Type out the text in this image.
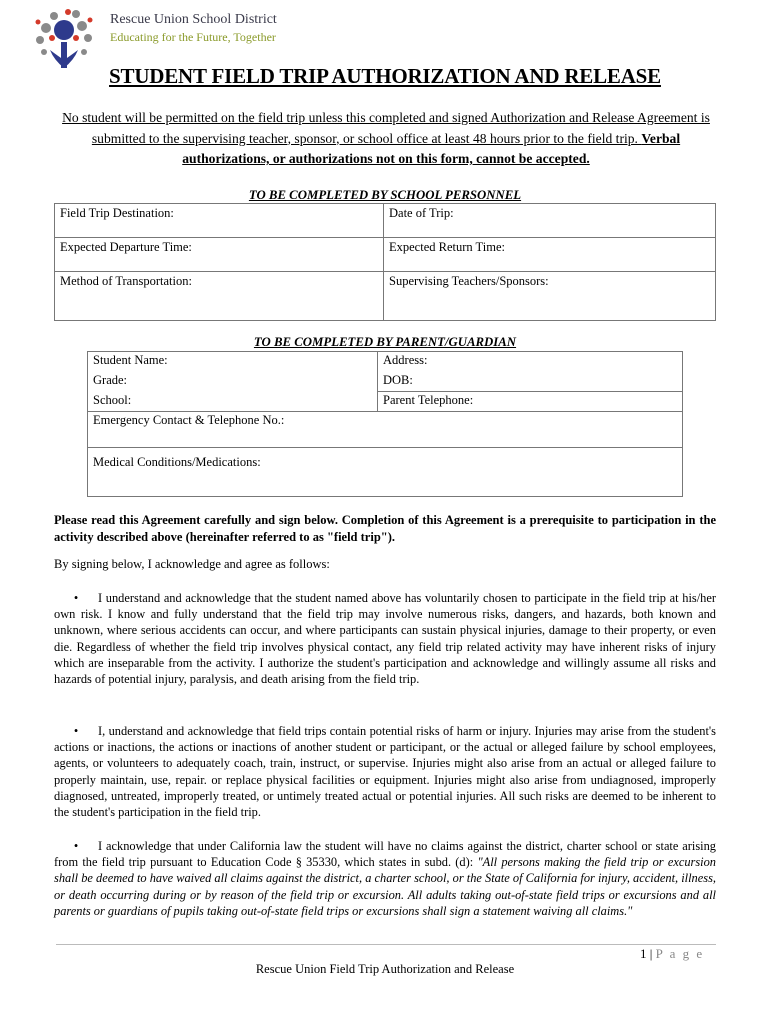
Rescue Union School District
Educating for the Future, Together
STUDENT FIELD TRIP AUTHORIZATION AND RELEASE
No student will be permitted on the field trip unless this completed and signed Authorization and Release Agreement is submitted to the supervising teacher, sponsor, or school office at least 48 hours prior to the field trip. Verbal authorizations, or authorizations not on this form, cannot be accepted.
TO BE COMPLETED BY SCHOOL PERSONNEL
Field Trip Destination:	Date of Trip:
Expected Departure Time:	Expected Return Time:
Method of Transportation:	Supervising Teachers/Sponsors:
TO BE COMPLETED BY PARENT/GUARDIAN
Student Name:	Address:
Grade:	DOB:
School:	Parent Telephone:
Emergency Contact & Telephone No.:	
Medical Conditions/Medications:	
Please read this Agreement carefully and sign below. Completion of this Agreement is a prerequisite to participation in the activity described above (hereinafter referred to as "field trip").
By signing below, I acknowledge and agree as follows:
• I understand and acknowledge that the student named above has voluntarily chosen to participate in the field trip at his/her own risk. I know and fully understand that the field trip may involve numerous risks, dangers, and hazards, both known and unknown, where serious accidents can occur, and where participants can sustain physical injuries, damage to their property, or even die. Regardless of whether the field trip involves physical contact, any field trip related activity may have inherent risks of injury which are inseparable from the activity. I authorize the student's participation and acknowledge and willingly assume all risks and hazards of potential injury, paralysis, and death arising from the field trip.
• I, understand and acknowledge that field trips contain potential risks of harm or injury. Injuries may arise from the student's actions or inactions, the actions or inactions of another student or participant, or the actual or alleged failure by school employees, agents, or volunteers to adequately coach, train, instruct, or supervise. Injuries might also arise from an actual or alleged failure to properly maintain, use, repair. or replace physical facilities or equipment. Injuries might also arise from undiagnosed, improperly diagnosed, untreated, improperly treated, or untimely treated actual or potential injuries. All such risks are deemed to be inherent to the student's participation in the field trip.
• I acknowledge that under California law the student will have no claims against the district, charter school or state arising from the field trip pursuant to Education Code § 35330, which states in subd. (d): "All persons making the field trip or excursion shall be deemed to have waived all claims against the district, a charter school, or the State of California for injury, accident, illness, or death occurring during or by reason of the field trip or excursion. All adults taking out-of-state field trips or excursions and all parents or guardians of pupils taking out-of-state field trips or excursions shall sign a statement waiving all claims."
1 | P a g e
Rescue Union Field Trip Authorization and Release
